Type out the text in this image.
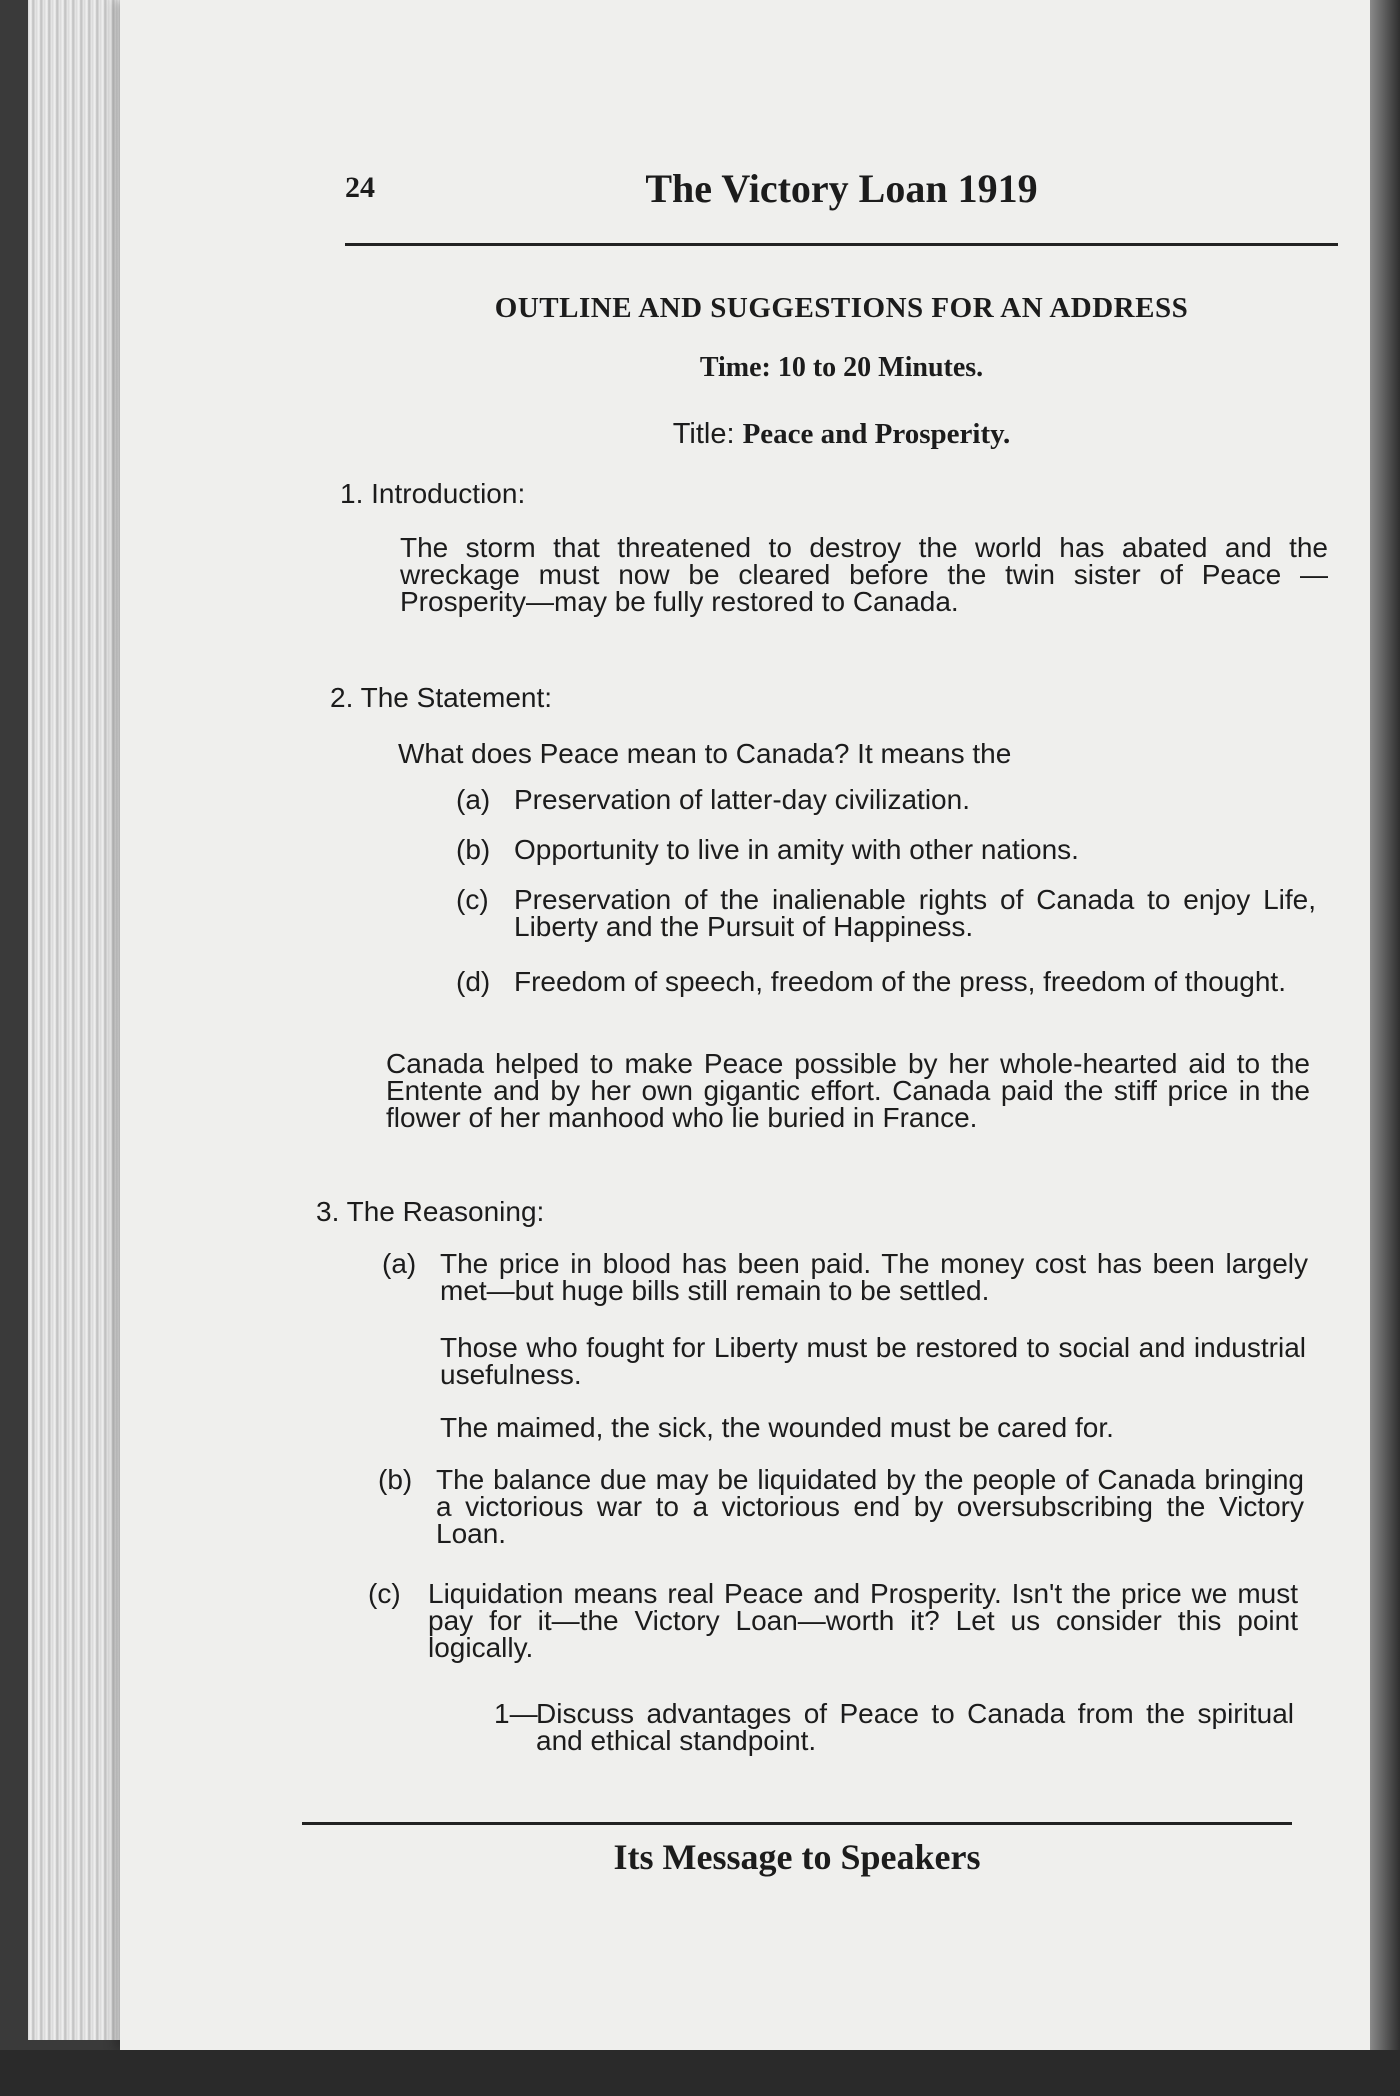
24	The Victory Loan 1919
OUTLINE AND SUGGESTIONS FOR AN ADDRESS
Time: 10 to 20 Minutes.
Title: Peace and Prosperity.
1. Introduction:
The storm that threatened to destroy the world has abated and the wreckage must now be cleared before the twin sister of Peace —Prosperity—may be fully restored to Canada.
2. The Statement:
What does Peace mean to Canada? It means the
(a) Preservation of latter-day civilization.
(b) Opportunity to live in amity with other nations.
(c) Preservation of the inalienable rights of Canada to enjoy Life, Liberty and the Pursuit of Happiness.
(d) Freedom of speech, freedom of the press, freedom of thought.
Canada helped to make Peace possible by her whole-hearted aid to the Entente and by her own gigantic effort. Canada paid the stiff price in the flower of her manhood who lie buried in France.
3. The Reasoning:
(a) The price in blood has been paid. The money cost has been largely met—but huge bills still remain to be settled.
Those who fought for Liberty must be restored to social and industrial usefulness.
The maimed, the sick, the wounded must be cared for.
(b) The balance due may be liquidated by the people of Canada bringing a victorious war to a victorious end by oversubscribing the Victory Loan.
(c) Liquidation means real Peace and Prosperity. Isn't the price we must pay for it—the Victory Loan—worth it? Let us consider this point logically.
1—
Discuss advantages of Peace to Canada from the spiritual and ethical standpoint.
Its Message to Speakers
